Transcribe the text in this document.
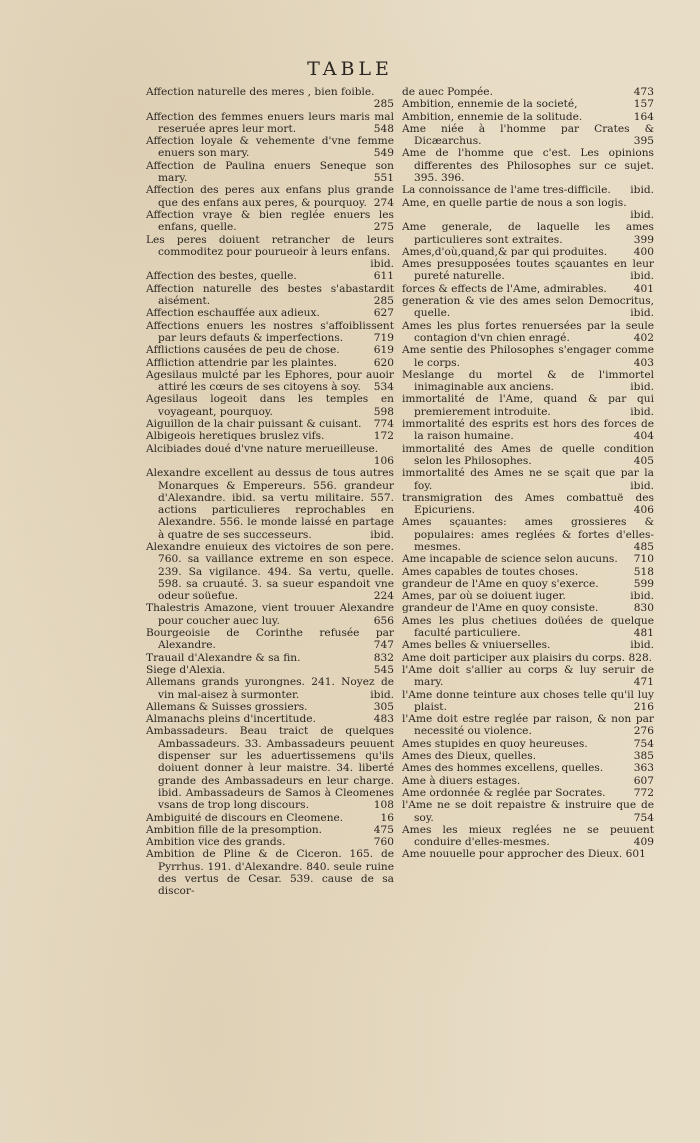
TABLE

Affection naturelle des meres , bien foible.
285

Affection des femmes enuers leurs maris mal reseruée apres leur mort.	548

Affection loyale & vehemente d'vne femme enuers son mary.	549

Affection de Paulina enuers Seneque son mary.	551

Affection des peres aux enfans plus grande que des enfans aux peres, & pourquoy. 274

Affection vraye & bien reglée enuers les enfans, quelle.	275

Les peres doiuent retrancher de leurs commoditez pour pourueoir à leurs enfans.
ibid.

Affection des bestes, quelle.	611

Affection naturelle des bestes s'abastardit aisément.	285

Affection eschauffée aux adieux.	627

Affections enuers les nostres s'affoiblissent par leurs defauts & imperfections.	719

Afflictions causées de peu de chose.	619

Affliction attendrie par les plaintes.	620

Agesilaus mulcté par les Ephores, pour auoir attiré les cœurs de ses citoyens à soy.	534

Agesilaus logeoit dans les temples en voyageant, pourquoy.	598

Aiguillon de la chair puissant & cuisant.	774

Albigeois heretiques bruslez vifs.	172

Alcibiades doué d'vne nature merueilleuse.
106

Alexandre excellent au dessus de tous autres Monarques & Empereurs. 556. grandeur d'Alexandre. ibid. sa vertu militaire. 557. actions particulieres reprochables en Alexandre. 556. le monde laissé en partage à quatre de ses successeurs.	ibid.

Alexandre enuieux des victoires de son pere. 760. sa vaillance extreme en son espece. 239. Sa vigilance. 494. Sa vertu, quelle. 598. sa cruauté. 3. sa sueur espandoit vne odeur soüefue.	224

Thalestris Amazone, vient trouuer Alexandre pour coucher auec luy.	656

Bourgeoisie de Corinthe refusée par Alexandre.	747

Trauail d'Alexandre & sa fin.	832

Siege d'Alexia.	545

Allemans grands yurongnes. 241. Noyez de vin mal-aisez à surmonter.	ibid.

Allemans & Suisses grossiers.	305

Almanachs pleins d'incertitude.	483

Ambassadeurs. Beau traict de quelques Ambassadeurs. 33. Ambassadeurs peuuent dispenser sur les aduertissemens qu'ils doiuent donner à leur maistre. 34. liberté grande des Ambassadeurs en leur charge. ibid. Ambassadeurs de Samos à Cleomenes vsans de trop long discours.	108

Ambiguité de discours en Cleomene.	16

Ambition fille de la presomption.	475

Ambition vice des grands.	760

Ambition de Pline & de Ciceron. 165. de Pyrrhus. 191. d'Alexandre. 840. seule ruine des vertus de Cesar. 539. cause de sa discor-

de auec Pompée.	473

Ambition, ennemie de la societé,	157

Ambition, ennemie de la solitude.	164

Ame niée à l'homme par Crates & Dicæarchus.	395

Ame de l'homme que c'est. Les opinions differentes des Philosophes sur ce sujet. 395. 396.

La connoissance de l'ame tres-difficile.	ibid.

Ame, en quelle partie de nous a son logis.
ibid.

Ame generale, de laquelle les ames particulieres sont extraites.	399

Ames,d'où,quand,& par qui produites.	400

Ames presupposées toutes sçauantes en leur pureté naturelle.	ibid.

forces & effects de l'Ame, admirables.	401

generation & vie des ames selon Democritus, quelle.	ibid.

Ames les plus fortes renuersées par la seule contagion d'vn chien enragé.	402

Ame sentie des Philosophes s'engager comme le corps.	403

Meslange du mortel & de l'immortel inimaginable aux anciens.	ibid.

immortalité de l'Ame, quand & par qui premierement introduite.	ibid.

immortalité des esprits est hors des forces de la raison humaine.	404

immortalité des Ames de quelle condition selon les Philosophes.	405

immortalité des Ames ne se sçait que par la foy.	ibid.

transmigration des Ames combattuë des Epicuriens.	406

Ames sçauantes: ames grossieres & populaires: ames reglées & fortes d'elles-mesmes.	485

Ame incapable de science selon aucuns.	710

Ames capables de toutes choses.	518

grandeur de l'Ame en quoy s'exerce.	599

Ames, par où se doiuent iuger.	ibid.

grandeur de l'Ame en quoy consiste.	830

Ames les plus chetiues doüées de quelque faculté particuliere.	481

Ames belles & vniuerselles.	ibid.

Ame doit participer aux plaisirs du corps. 828.

l'Ame doit s'allier au corps & luy seruir de mary.	471

l'Ame donne teinture aux choses telle qu'il luy plaist.	216

l'Ame doit estre reglée par raison, & non par necessité ou violence.	276

Ames stupides en quoy heureuses.	754

Ames des Dieux, quelles.	385

Ames des hommes excellens, quelles.	363

Ame à diuers estages.	607

Ame ordonnée & reglée par Socrates.	772

l'Ame ne se doit repaistre & instruire que de soy.	754

Ames les mieux reglées ne se peuuent conduire d'elles-mesmes.	409

Ame nouuelle pour approcher des Dieux. 601
